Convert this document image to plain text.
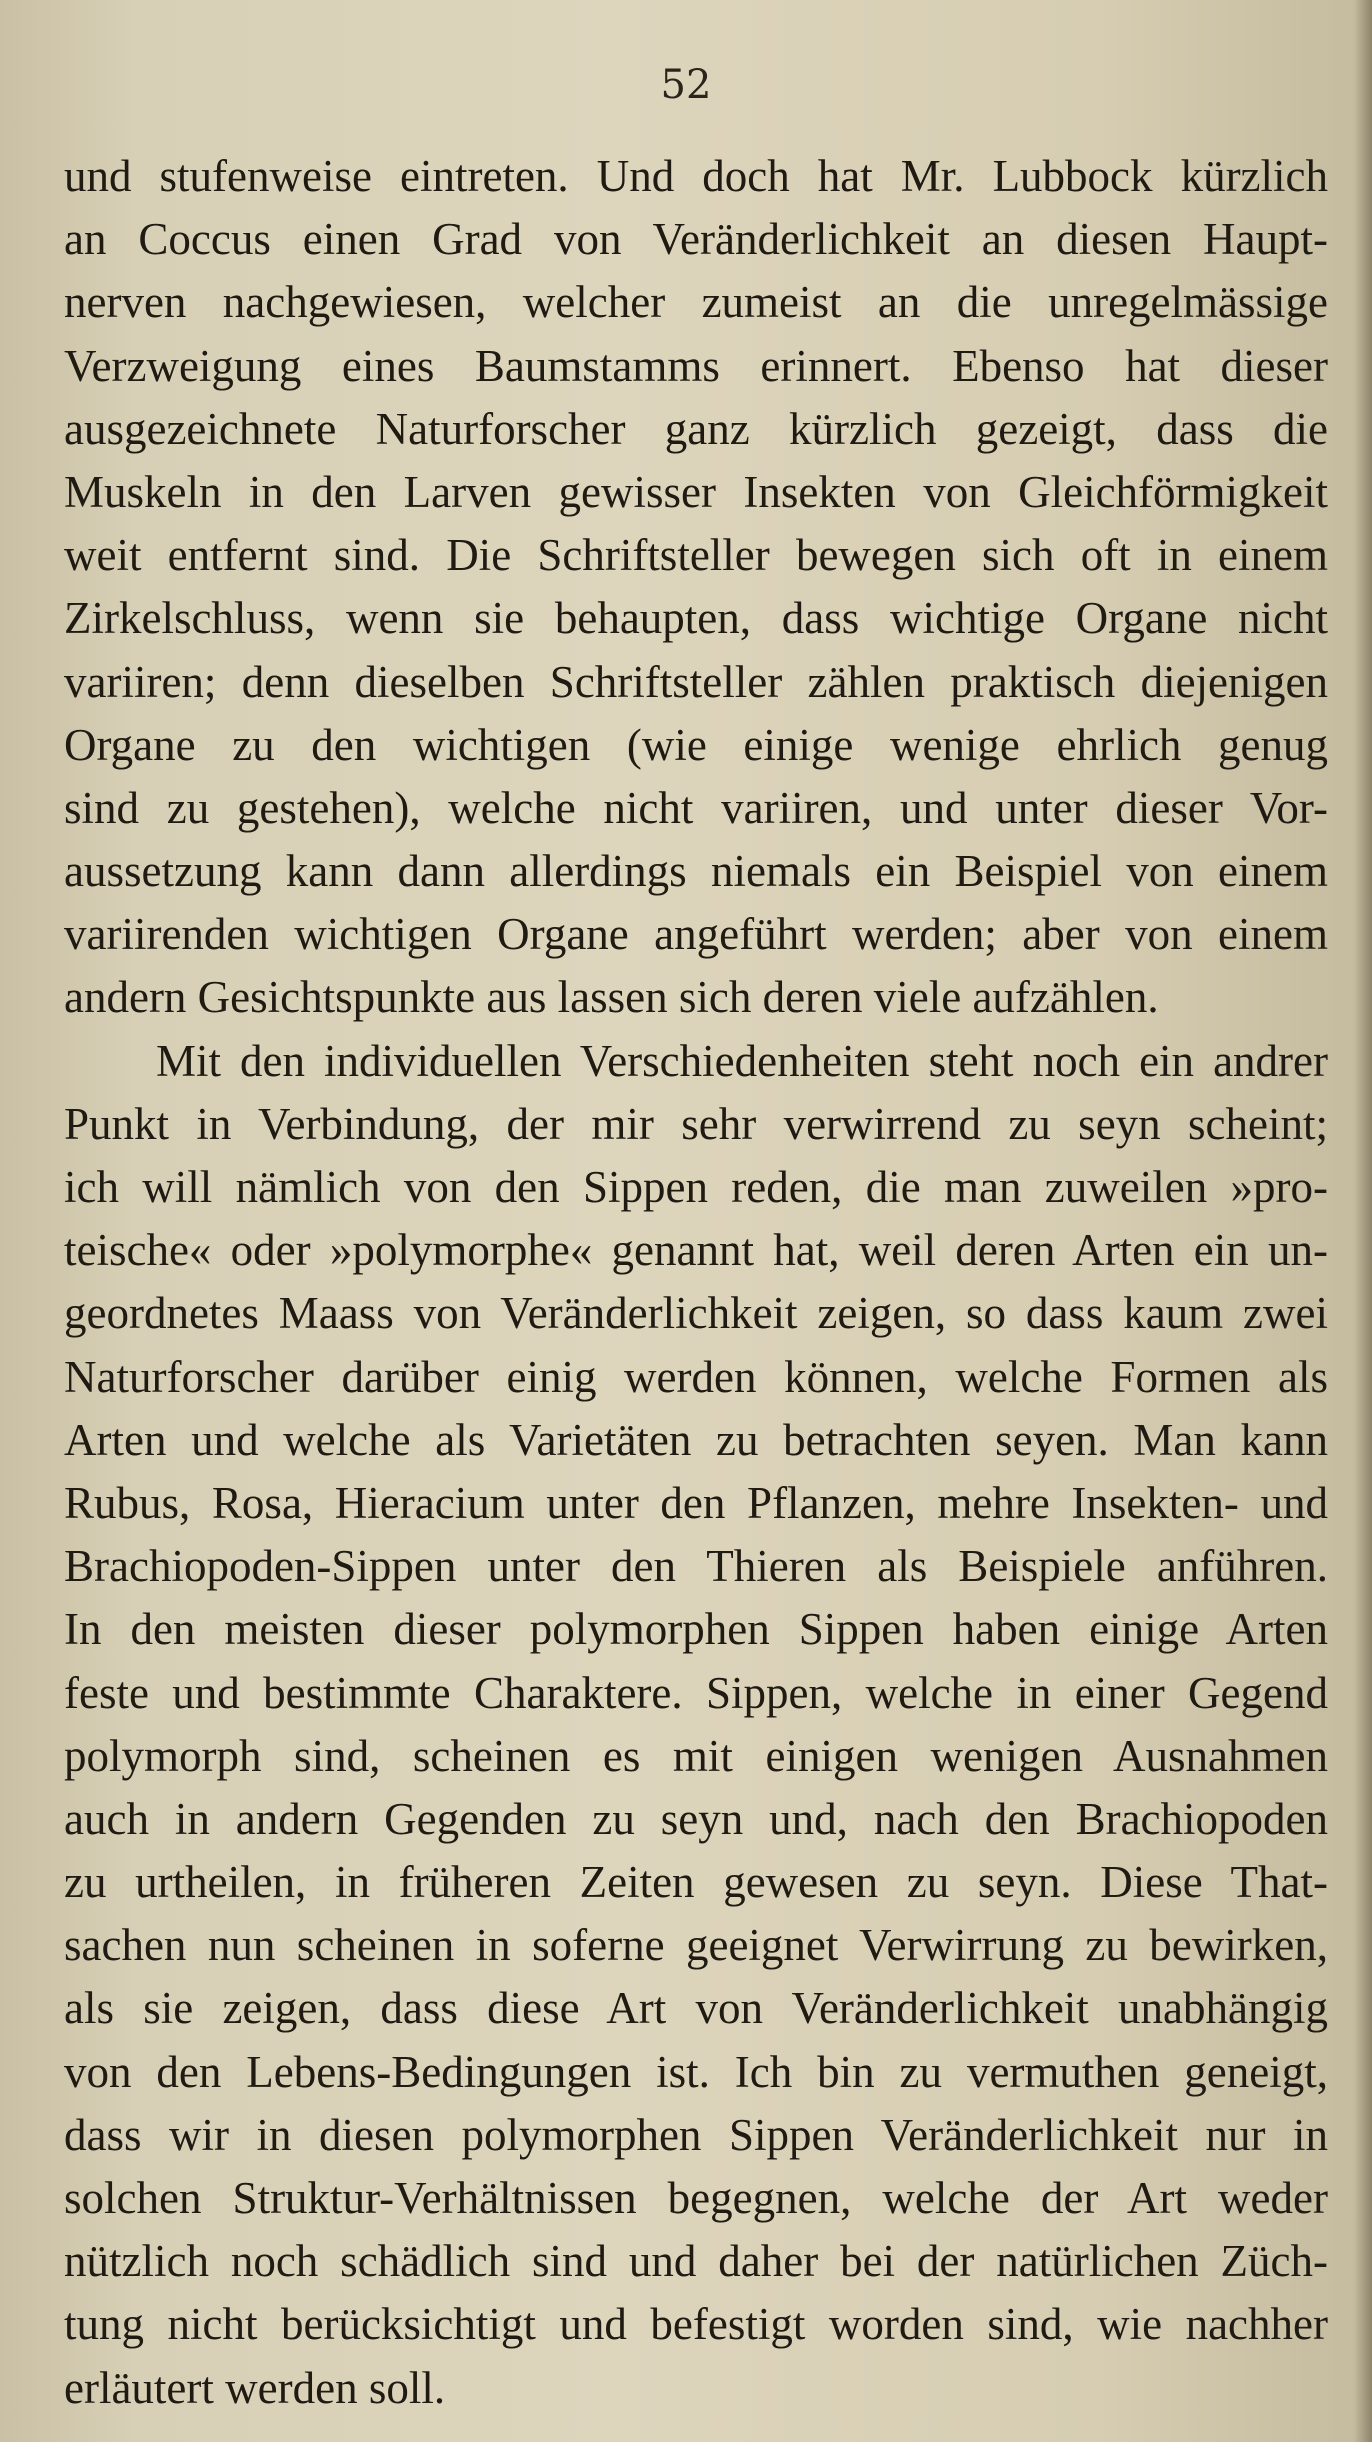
52
und stufenweise eintreten. Und doch hat Mr. Lubbock kürzlich
an Coccus einen Grad von Veränderlichkeit an diesen Haupt-
nerven nachgewiesen, welcher zumeist an die unregelmässige
Verzweigung eines Baumstamms erinnert. Ebenso hat dieser
ausgezeichnete Naturforscher ganz kürzlich gezeigt, dass die
Muskeln in den Larven gewisser Insekten von Gleichförmigkeit
weit entfernt sind. Die Schriftsteller bewegen sich oft in einem
Zirkelschluss, wenn sie behaupten, dass wichtige Organe nicht
variiren; denn dieselben Schriftsteller zählen praktisch diejenigen
Organe zu den wichtigen (wie einige wenige ehrlich genug
sind zu gestehen), welche nicht variiren, und unter dieser Vor-
aussetzung kann dann allerdings niemals ein Beispiel von einem
variirenden wichtigen Organe angeführt werden; aber von einem
andern Gesichtspunkte aus lassen sich deren viele aufzählen.
Mit den individuellen Verschiedenheiten steht noch ein andrer
Punkt in Verbindung, der mir sehr verwirrend zu seyn scheint;
ich will nämlich von den Sippen reden, die man zuweilen »pro-
teische« oder »polymorphe« genannt hat, weil deren Arten ein un-
geordnetes Maass von Veränderlichkeit zeigen, so dass kaum zwei
Naturforscher darüber einig werden können, welche Formen als
Arten und welche als Varietäten zu betrachten seyen. Man kann
Rubus, Rosa, Hieracium unter den Pflanzen, mehre Insekten- und
Brachiopoden-Sippen unter den Thieren als Beispiele anführen.
In den meisten dieser polymorphen Sippen haben einige Arten
feste und bestimmte Charaktere. Sippen, welche in einer Gegend
polymorph sind, scheinen es mit einigen wenigen Ausnahmen
auch in andern Gegenden zu seyn und, nach den Brachiopoden
zu urtheilen, in früheren Zeiten gewesen zu seyn. Diese That-
sachen nun scheinen in soferne geeignet Verwirrung zu bewirken,
als sie zeigen, dass diese Art von Veränderlichkeit unabhängig
von den Lebens-Bedingungen ist. Ich bin zu vermuthen geneigt,
dass wir in diesen polymorphen Sippen Veränderlichkeit nur in
solchen Struktur-Verhältnissen begegnen, welche der Art weder
nützlich noch schädlich sind und daher bei der natürlichen Züch-
tung nicht berücksichtigt und befestigt worden sind, wie nachher
erläutert werden soll.
